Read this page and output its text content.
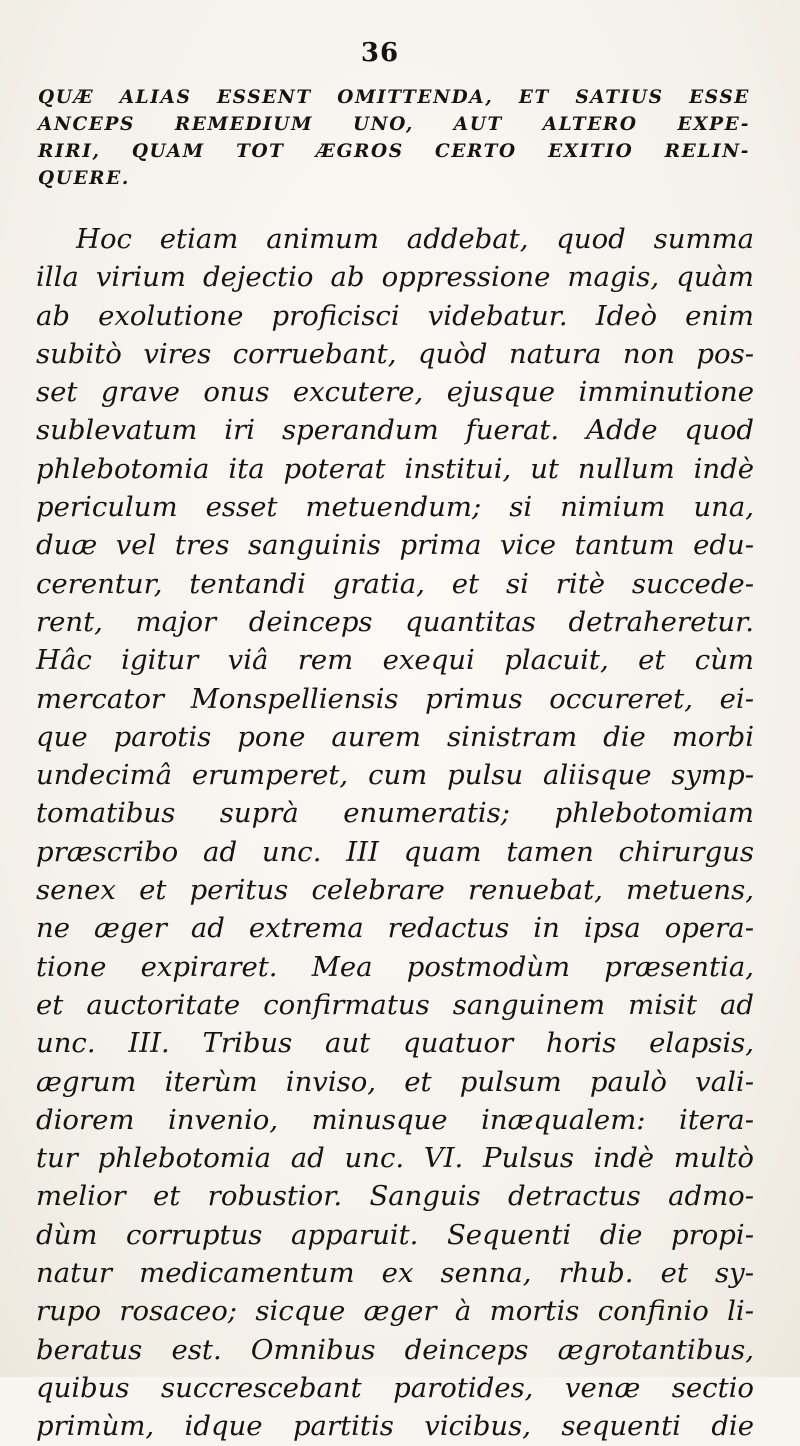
36
QUÆ ALIAS ESSENT OMITTENDA, ET SATIUS ESSE
ANCEPS REMEDIUM UNO, AUT ALTERO EXPE-
RIRI, QUAM TOT ÆGROS CERTO EXITIO RELIN-
QUERE.
Hoc etiam animum addebat, quod summa
illa virium dejectio ab oppressione magis, quàm
ab exolutione proficisci videbatur. Ideò enim
subitò vires corruebant, quòd natura non pos-
set grave onus excutere, ejusque imminutione
sublevatum iri sperandum fuerat. Adde quod
phlebotomia ita poterat institui, ut nullum indè
periculum esset metuendum; si nimium una,
duæ vel tres sanguinis prima vice tantum edu-
cerentur, tentandi gratia, et si ritè succede-
rent, major deinceps quantitas detraheretur.
Hâc igitur viâ rem exequi placuit, et cùm
mercator Monspelliensis primus occureret, ei-
que parotis pone aurem sinistram die morbi
undecimâ erumperet, cum pulsu aliisque symp-
tomatibus suprà enumeratis; phlebotomiam
præscribo ad unc. III quam tamen chirurgus
senex et peritus celebrare renuebat, metuens,
ne æger ad extrema redactus in ipsa opera-
tione expiraret. Mea postmodùm præsentia,
et auctoritate confirmatus sanguinem misit ad
unc. III. Tribus aut quatuor horis elapsis,
ægrum iterùm inviso, et pulsum paulò vali-
diorem invenio, minusque inæqualem: itera-
tur phlebotomia ad unc. VI. Pulsus indè multò
melior et robustior. Sanguis detractus admo-
dùm corruptus apparuit. Sequenti die propi-
natur medicamentum ex senna, rhub. et sy-
rupo rosaceo; sicque æger à mortis confinio li-
beratus est. Omnibus deinceps ægrotantibus,
quibus succrescebant parotides, venæ sectio
primùm, idque partitis vicibus, sequenti die
